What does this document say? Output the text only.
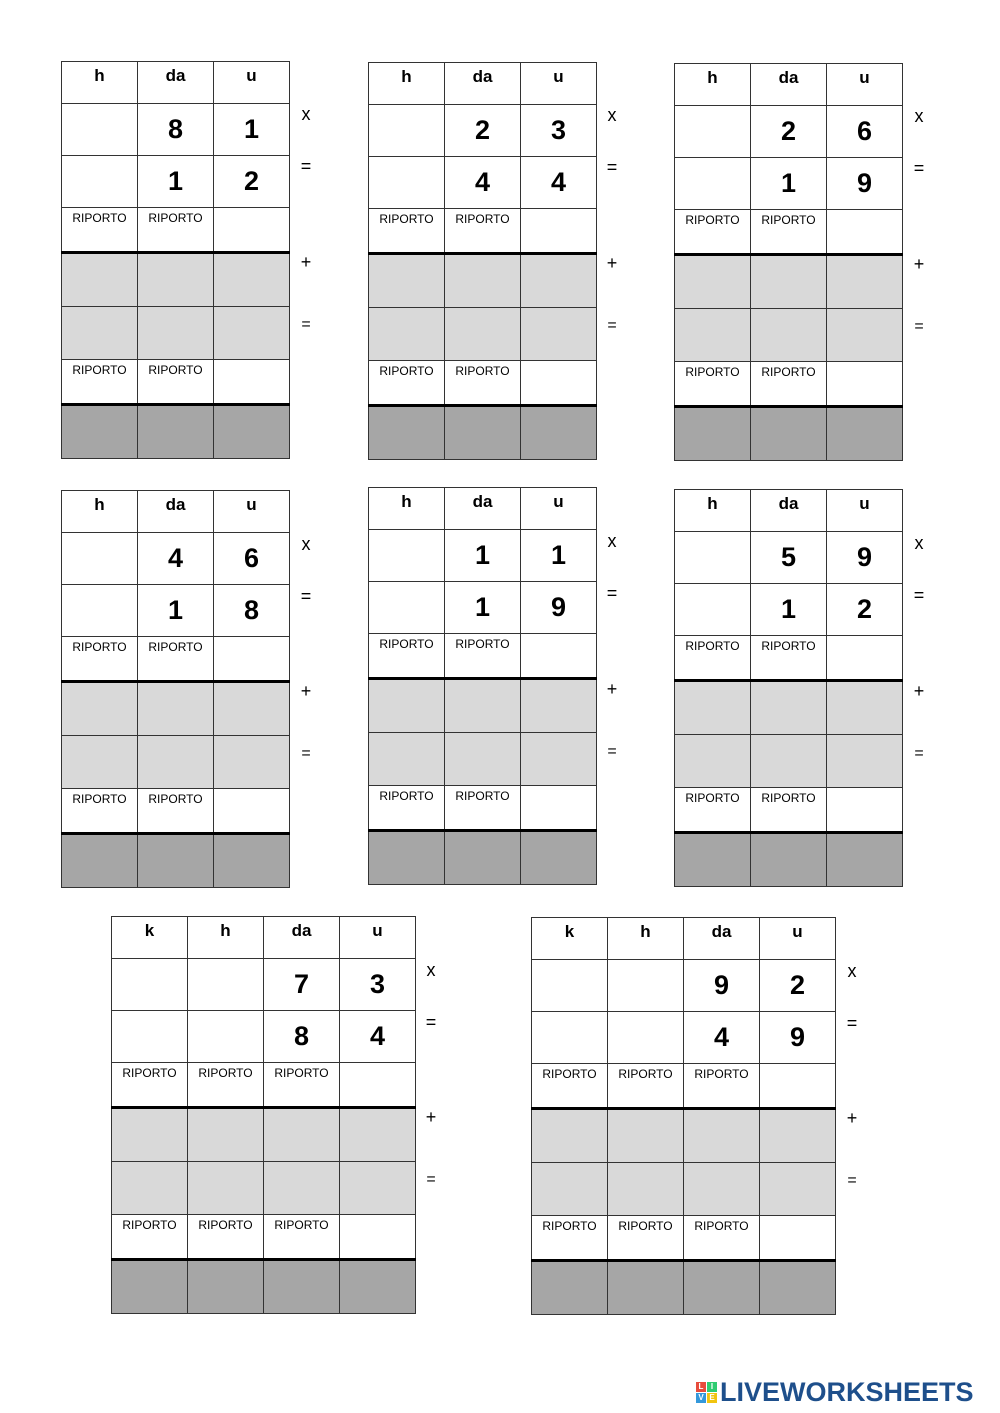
h	da	u
	8	1
	1	2
RIPORTO	RIPORTO	

RIPORTO	RIPORTO	

x
=
+
=
h	da	u
	2	3
	4	4
RIPORTO	RIPORTO	

RIPORTO	RIPORTO	

x
=
+
=
h	da	u
	2	6
	1	9
RIPORTO	RIPORTO	

RIPORTO	RIPORTO	

x
=
+
=
h	da	u
	4	6
	1	8
RIPORTO	RIPORTO	

RIPORTO	RIPORTO	

x
=
+
=
h	da	u
	1	1
	1	9
RIPORTO	RIPORTO	

RIPORTO	RIPORTO	

x
=
+
=
h	da	u
	5	9
	1	2
RIPORTO	RIPORTO	

RIPORTO	RIPORTO	

x
=
+
=
k	h	da	u
		7	3
		8	4
RIPORTO	RIPORTO	RIPORTO	

RIPORTO	RIPORTO	RIPORTO	

x
=
+
=
k	h	da	u
		9	2
		4	9
RIPORTO	RIPORTO	RIPORTO	

RIPORTO	RIPORTO	RIPORTO	

x
=
+
=
L I
V E LIVEWORKSHEETS
